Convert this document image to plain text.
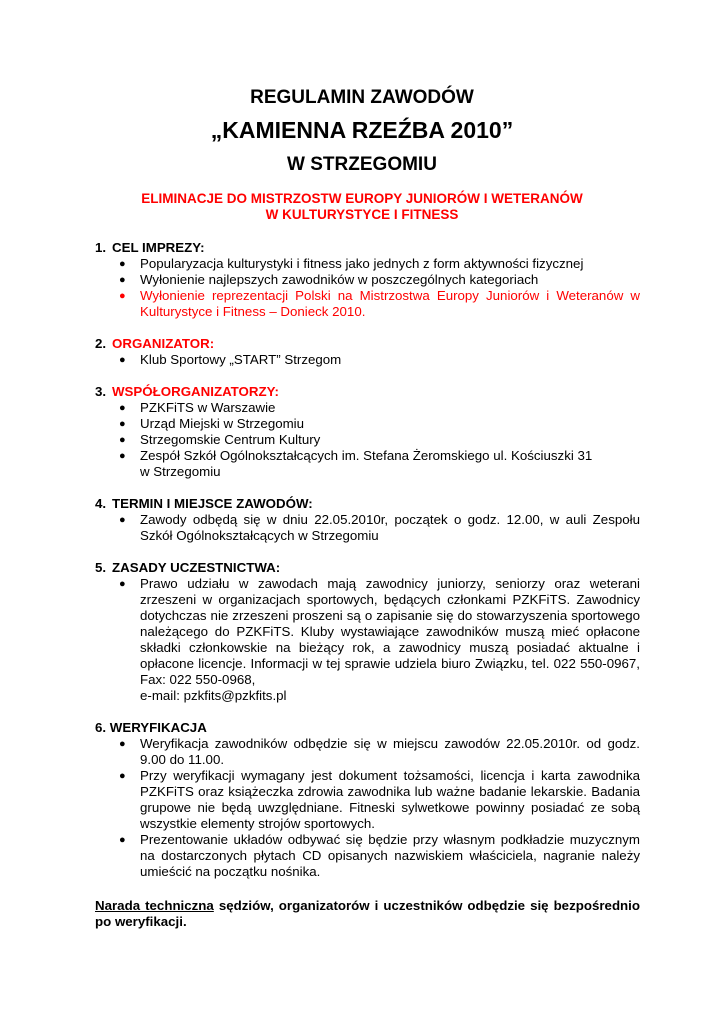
REGULAMIN ZAWODÓW
„KAMIENNA RZEŹBA 2010”
W STRZEGOMIU
ELIMINACJE DO MISTRZOSTW EUROPY JUNIORÓW I WETERANÓW
W KULTURYSTYCE I FITNESS
1. CEL IMPREZY:
●	Popularyzacja kulturystyki i fitness jako jednych z form aktywności fizycznej
●	Wyłonienie najlepszych zawodników w poszczególnych kategoriach
●	Wyłonienie reprezentacji Polski na Mistrzostwa Europy Juniorów i Weteranów w Kulturystyce i Fitness – Donieck 2010.
2. ORGANIZATOR:
●	Klub Sportowy „START” Strzegom
3. WSPÓŁORGANIZATORZY:
●	PZKFiTS w Warszawie
●	Urząd Miejski w Strzegomiu
●	Strzegomskie Centrum Kultury
●	Zespół Szkół Ogólnokształcących im. Stefana Żeromskiego ul. Kościuszki 31
w Strzegomiu
4. TERMIN I MIEJSCE ZAWODÓW:
●	Zawody odbędą się w dniu 22.05.2010r, początek o godz. 12.00, w auli Zespołu Szkół Ogólnokształcących w Strzegomiu
5. ZASADY UCZESTNICTWA:
●	Prawo udziału w zawodach mają zawodnicy juniorzy, seniorzy oraz weterani zrzeszeni w organizacjach sportowych, będących członkami PZKFiTS. Zawodnicy dotychczas nie zrzeszeni proszeni są o zapisanie się do stowarzyszenia sportowego należącego do PZKFiTS. Kluby wystawiające zawodników muszą mieć opłacone składki członkowskie na bieżący rok, a zawodnicy muszą posiadać aktualne i opłacone licencje. Informacji w tej sprawie udziela biuro Związku, tel. 022 550-0967, Fax: 022 550-0968,
e-mail: pzkfits@pzkfits.pl
6. WERYFIKACJA
●	Weryfikacja zawodników odbędzie się w miejscu zawodów 22.05.2010r. od godz. 9.00 do 11.00.
●	Przy weryfikacji wymagany jest dokument tożsamości, licencja i karta zawodnika PZKFiTS oraz książeczka zdrowia zawodnika lub ważne badanie lekarskie. Badania grupowe nie będą uwzględniane. Fitneski sylwetkowe powinny posiadać ze sobą wszystkie elementy strojów sportowych.
●	Prezentowanie układów odbywać się będzie przy własnym podkładzie muzycznym na dostarczonych płytach CD opisanych nazwiskiem właściciela, nagranie należy umieścić na początku nośnika.
Narada techniczna sędziów, organizatorów i uczestników odbędzie się bezpośrednio po weryfikacji.
